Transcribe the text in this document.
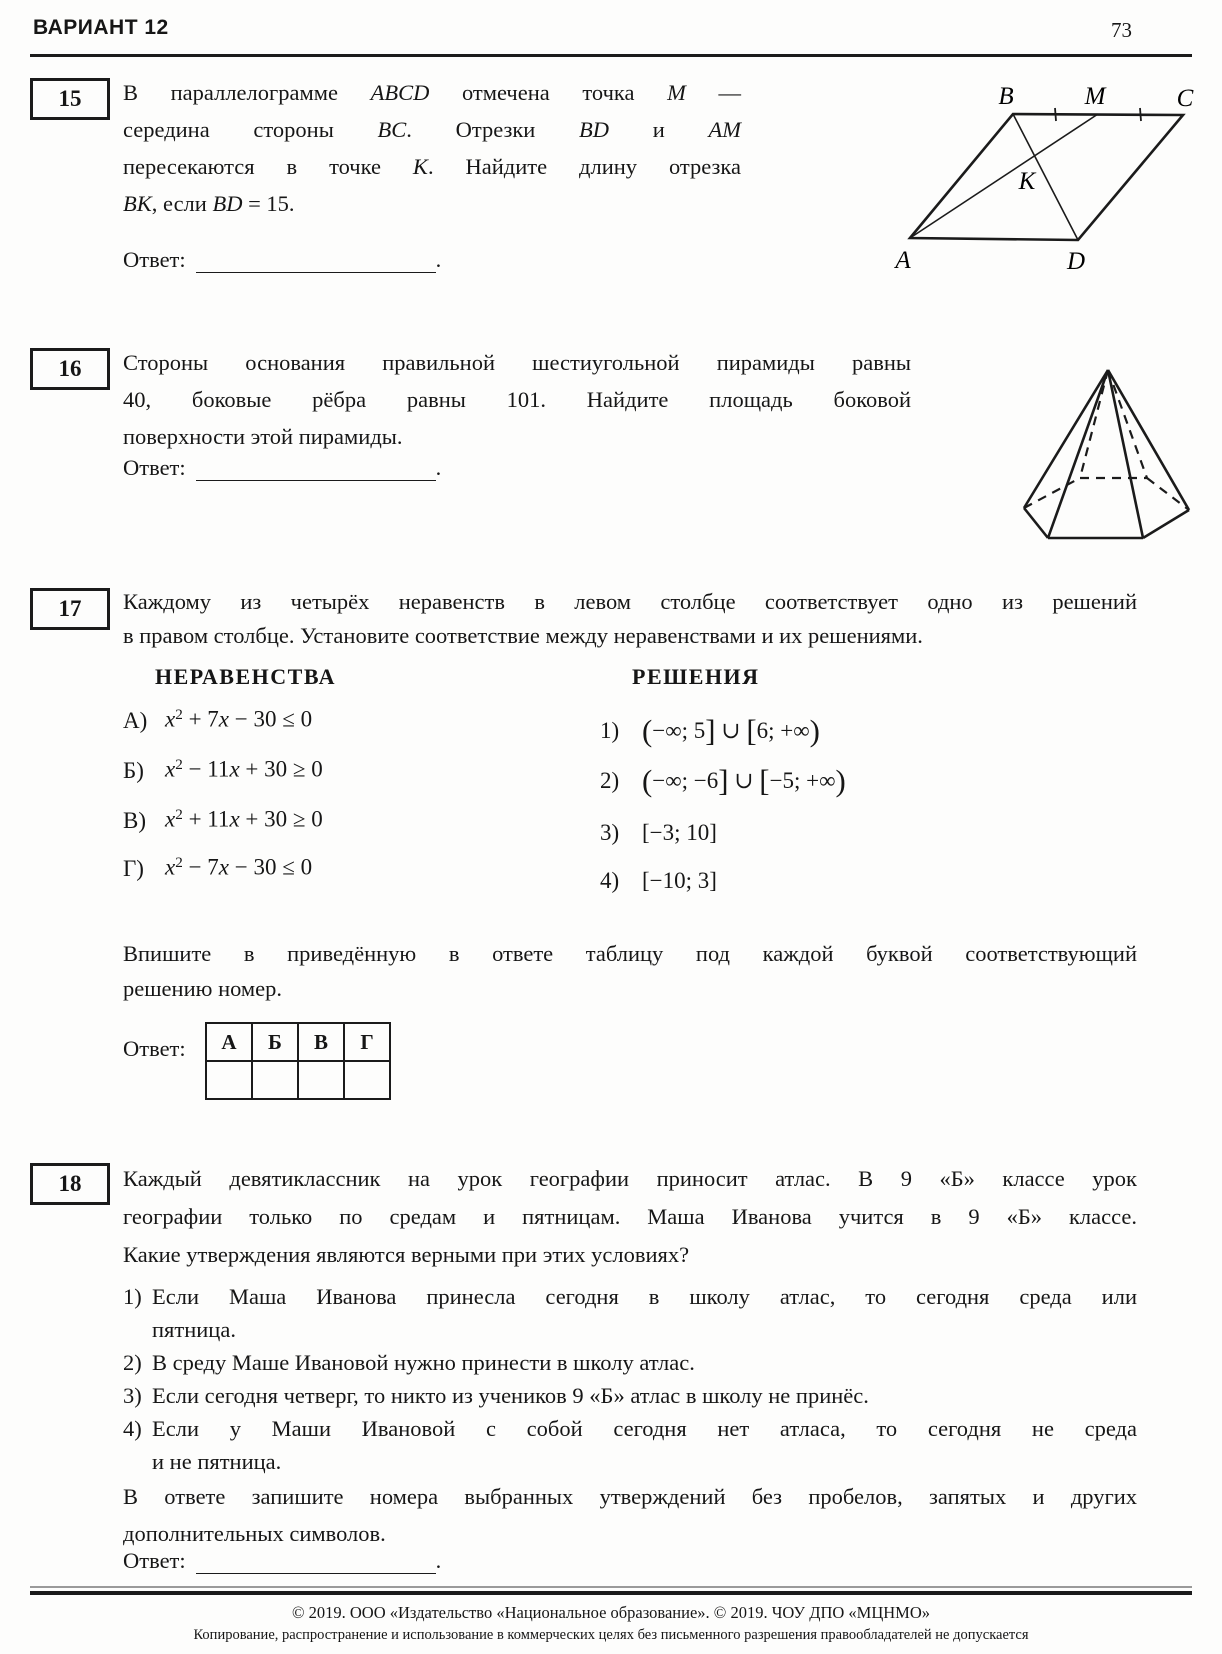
ВАРИАНТ 12	73
15 В параллелограмме ABCD отмечена точка M —
середина стороны BC. Отрезки BD и AM
пересекаются в точке K. Найдите длину отрезка
BK, если BD = 15.
B	M	C
A	D
K
Ответ:	.
16 Стороны основания правильной шестиугольной пирамиды равны
40, боковые рёбра равны 101. Найдите площадь боковой
поверхности этой пирамиды.
Ответ:	.
17 Каждому из четырёх неравенств в левом столбце соответствует одно из решений
в правом столбце. Установите соответствие между неравенствами и их решениями.
НЕРАВЕНСТВА	РЕШЕНИЯ
А) $x^2 + 7x - 30 \le 0$
Б) $x^2 - 11x + 30 \ge 0$
В) $x^2 + 11x + 30 \ge 0$
Г) $x^2 - 7x - 30 \le 0$
1) (−∞; 5] ∪ [6; +∞)
2) (−∞; −6] ∪ [−5; +∞)
3) [−3; 10]
4) [−10; 3]
Впишите в приведённую в ответе таблицу под каждой буквой соответствующий
решению номер.
Ответ: А	Б	В	Г

18 Каждый девятиклассник на урок географии приносит атлас. В 9 «Б» классе урок
географии только по средам и пятницам. Маша Иванова учится в 9 «Б» классе.
Какие утверждения являются верными при этих условиях?
1) Если Маша Иванова принесла сегодня в школу атлас, то сегодня среда или
пятница.
2) В среду Маше Ивановой нужно принести в школу атлас.
3) Если сегодня четверг, то никто из учеников 9 «Б» атлас в школу не принёс.
4) Если у Маши Ивановой с собой сегодня нет атласа, то сегодня не среда
и не пятница.
В ответе запишите номера выбранных утверждений без пробелов, запятых и других
дополнительных символов.
Ответ:	.
© 2019. ООО «Издательство «Национальное образование». © 2019. ЧОУ ДПО «МЦНМО»
Копирование, распространение и использование в коммерческих целях без письменного разрешения правообладателей не допускается
